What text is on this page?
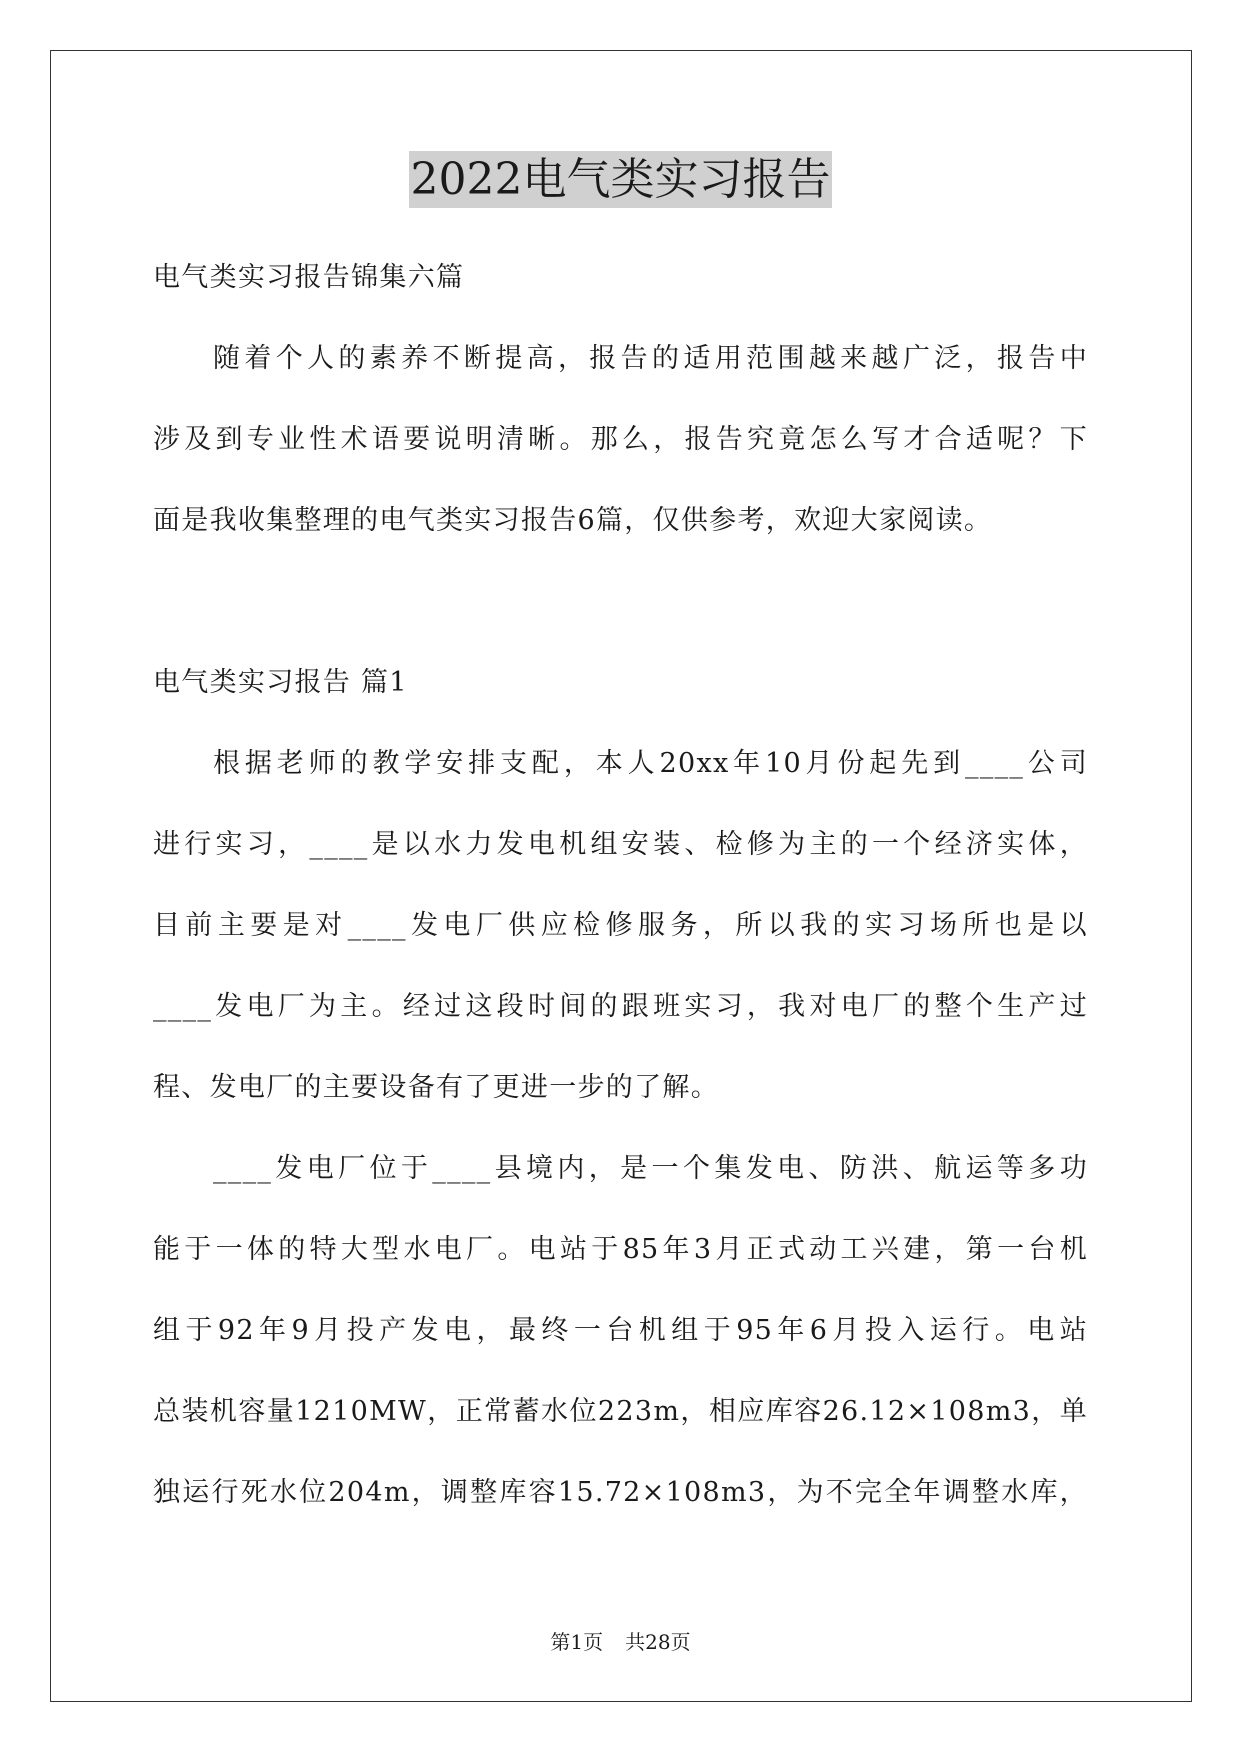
2022电气类实习报告
电气类实习报告锦集六篇
随着个人的素养不断提高，报告的适用范围越来越广泛，报告中
涉及到专业性术语要说明清晰。那么，报告究竟怎么写才合适呢？下
面是我收集整理的电气类实习报告6篇，仅供参考，欢迎大家阅读。
电气类实习报告 篇1
根据老师的教学安排支配，本人20xx年10月份起先到____公司
进行实习，____是以水力发电机组安装、检修为主的一个经济实体，
目前主要是对____发电厂供应检修服务，所以我的实习场所也是以
____发电厂为主。经过这段时间的跟班实习，我对电厂的整个生产过
程、发电厂的主要设备有了更进一步的了解。
____发电厂位于____县境内，是一个集发电、防洪、航运等多功
能于一体的特大型水电厂。电站于85年3月正式动工兴建，第一台机
组于92年9月投产发电，最终一台机组于95年6月投入运行。电站
总装机容量1210MW，正常蓄水位223m，相应库容26.12×108m3，单
独运行死水位204m，调整库容15.72×108m3，为不完全年调整水库，
第1页 共28页
